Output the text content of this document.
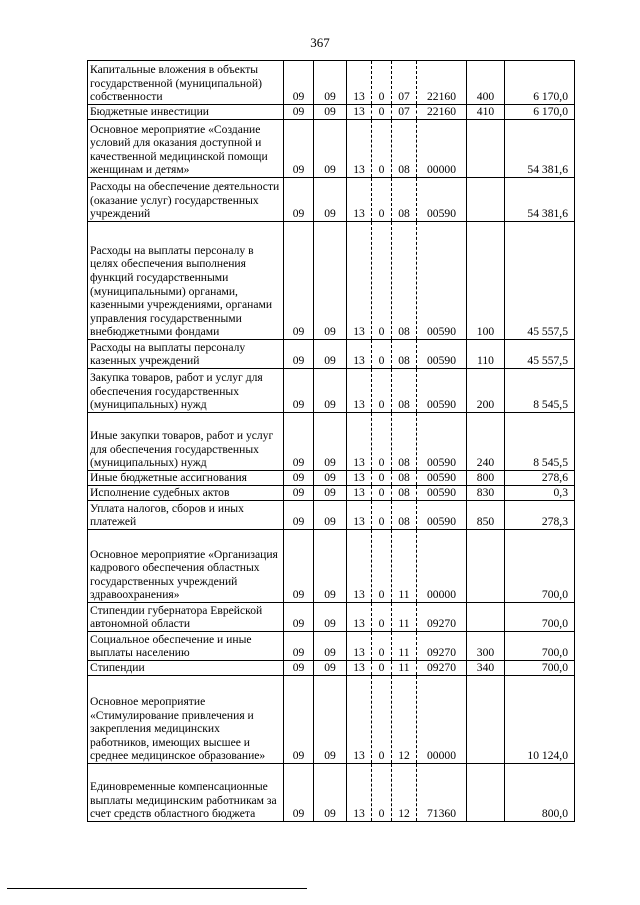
367
Капитальные вложения в объекты государственной (муниципальной) собственности	09	09	13	0	07	22160	400	6 170,0
Бюджетные инвестиции	09	09	13	0	07	22160	410	6 170,0
Основное мероприятие «Создание условий для оказания доступной и качественной медицинской помощи женщинам и детям»	09	09	13	0	08	00000		54 381,6
Расходы на обеспечение деятельности (оказание услуг) государственных учреждений	09	09	13	0	08	00590		54 381,6
Расходы на выплаты персоналу в целях обеспечения выполнения функций государственными (муниципальными) органами, казенными учреждениями, органами управления государственными внебюджетными фондами	09	09	13	0	08	00590	100	45 557,5
Расходы на выплаты персоналу казенных учреждений	09	09	13	0	08	00590	110	45 557,5
Закупка товаров, работ и услуг для обеспечения государственных (муниципальных) нужд	09	09	13	0	08	00590	200	8 545,5
Иные закупки товаров, работ и услуг для обеспечения государственных (муниципальных) нужд	09	09	13	0	08	00590	240	8 545,5
Иные бюджетные ассигнования	09	09	13	0	08	00590	800	278,6
Исполнение судебных актов	09	09	13	0	08	00590	830	0,3
Уплата налогов, сборов и иных платежей	09	09	13	0	08	00590	850	278,3
Основное мероприятие «Организация кадрового обеспечения областных государственных учреждений здравоохранения»	09	09	13	0	11	00000		700,0
Стипендии губернатора Еврейской автономной области	09	09	13	0	11	09270		700,0
Социальное обеспечение и иные выплаты населению	09	09	13	0	11	09270	300	700,0
Стипендии	09	09	13	0	11	09270	340	700,0
Основное мероприятие «Стимулирование привлечения и закрепления медицинских работников, имеющих высшее и среднее медицинское образование»	09	09	13	0	12	00000		10 124,0
Единовременные компенсационные выплаты медицинским работникам за счет средств областного бюджета	09	09	13	0	12	71360		800,0
